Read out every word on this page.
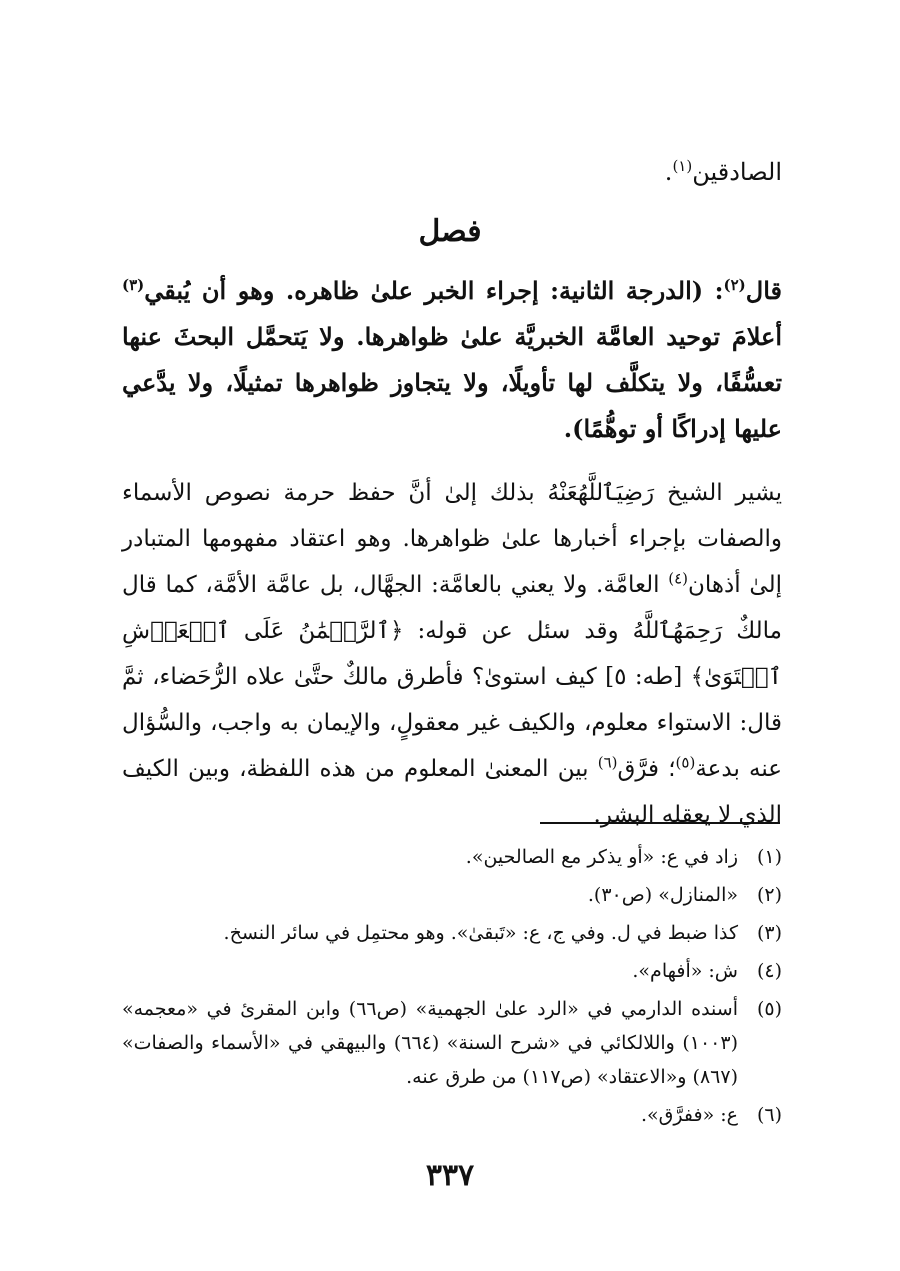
الصادقين$^{(١)}$.
فصل
قال$^{(٢)}$: (الدرجة الثانية: إجراء الخبر علىٰ ظاهره. وهو أن يُبقي$^{(٣)}$ أعلامَ توحيد العامَّة الخبريَّة علىٰ ظواهرها. ولا يَتحمَّل البحثَ عنها تعسُّفًا، ولا يتكلَّف لها تأويلًا، ولا يتجاوز ظواهرها تمثيلًا، ولا يدَّعي عليها إدراكًا أو توهُّمًا).
يشير الشيخ رَضِيَٱللَّهُعَنْهُ بذلك إلىٰ أنَّ حفظ حرمة نصوص الأسماء والصفات بإجراء أخبارها علىٰ ظواهرها. وهو اعتقاد مفهومها المتبادر إلىٰ أذهان$^{(٤)}$ العامَّة. ولا يعني بالعامَّة: الجهَّال، بل عامَّة الأمَّة، كما قال مالكٌ رَحِمَهُٱللَّهُ وقد سئل عن قوله: ﴿ٱلرَّحۡمَٰنُ عَلَى ٱلۡعَرۡشِ ٱسۡتَوَىٰ﴾ [طه: ٥] كيف استوىٰ؟ فأطرق مالكٌ حتَّىٰ علاه الرُّحَضاء، ثمَّ قال: الاستواء معلوم، والكيف غير معقولٍ، والإيمان به واجب، والسُّؤال عنه بدعة$^{(٥)}$؛ فرَّق$^{(٦)}$ بين المعنىٰ المعلوم من هذه اللفظة، وبين الكيف الذي لا يعقله البشر.
(١)
زاد في ع: «أو يذكر مع الصالحين».
(٢)
«المنازل» (ص٣٠).
(٣)
كذا ضبط في ل. وفي ج، ع: «تَبقىٰ». وهو محتمِل في سائر النسخ.
(٤)
ش: «أفهام».
(٥)
أسنده الدارمي في «الرد علىٰ الجهمية» (ص٦٦) وابن المقرئ في «معجمه» (١٠٠٣) واللالكائي في «شرح السنة» (٦٦٤) والبيهقي في «الأسماء والصفات» (٨٦٧) و«الاعتقاد» (ص١١٧) من طرق عنه.
(٦)
ع: «ففرَّق».
٣٣٧
